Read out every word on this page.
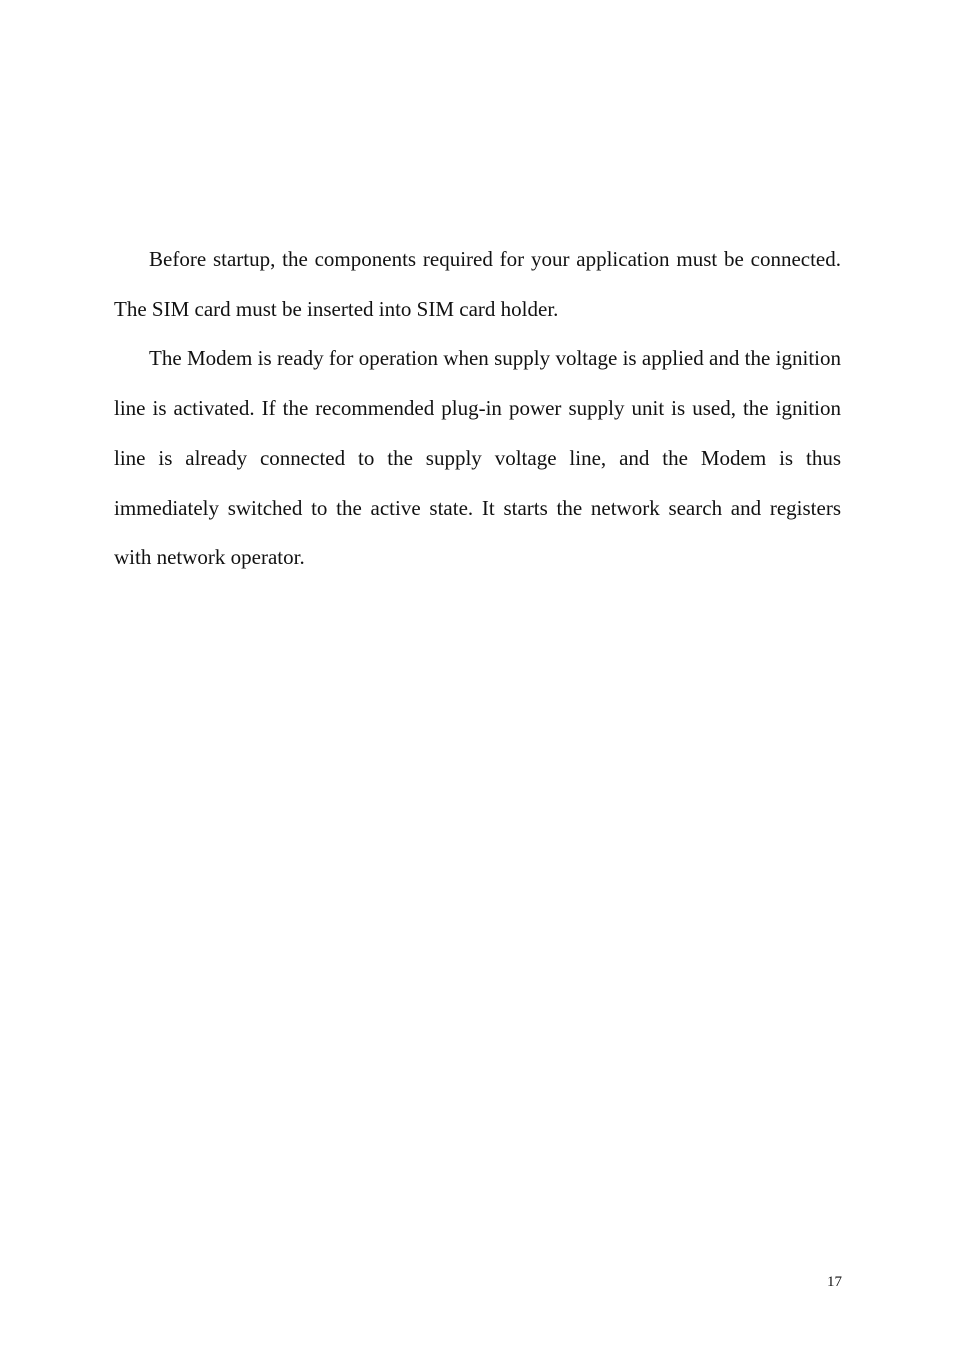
Before startup, the components required for your application must be connected. The SIM card must be inserted into SIM card holder.

The Modem is ready for operation when supply voltage is applied and the ignition line is activated. If the recommended plug-in power supply unit is used, the ignition line is already connected to the supply voltage line, and the Modem is thus immediately switched to the active state. It starts the network search and registers with network operator.

17
